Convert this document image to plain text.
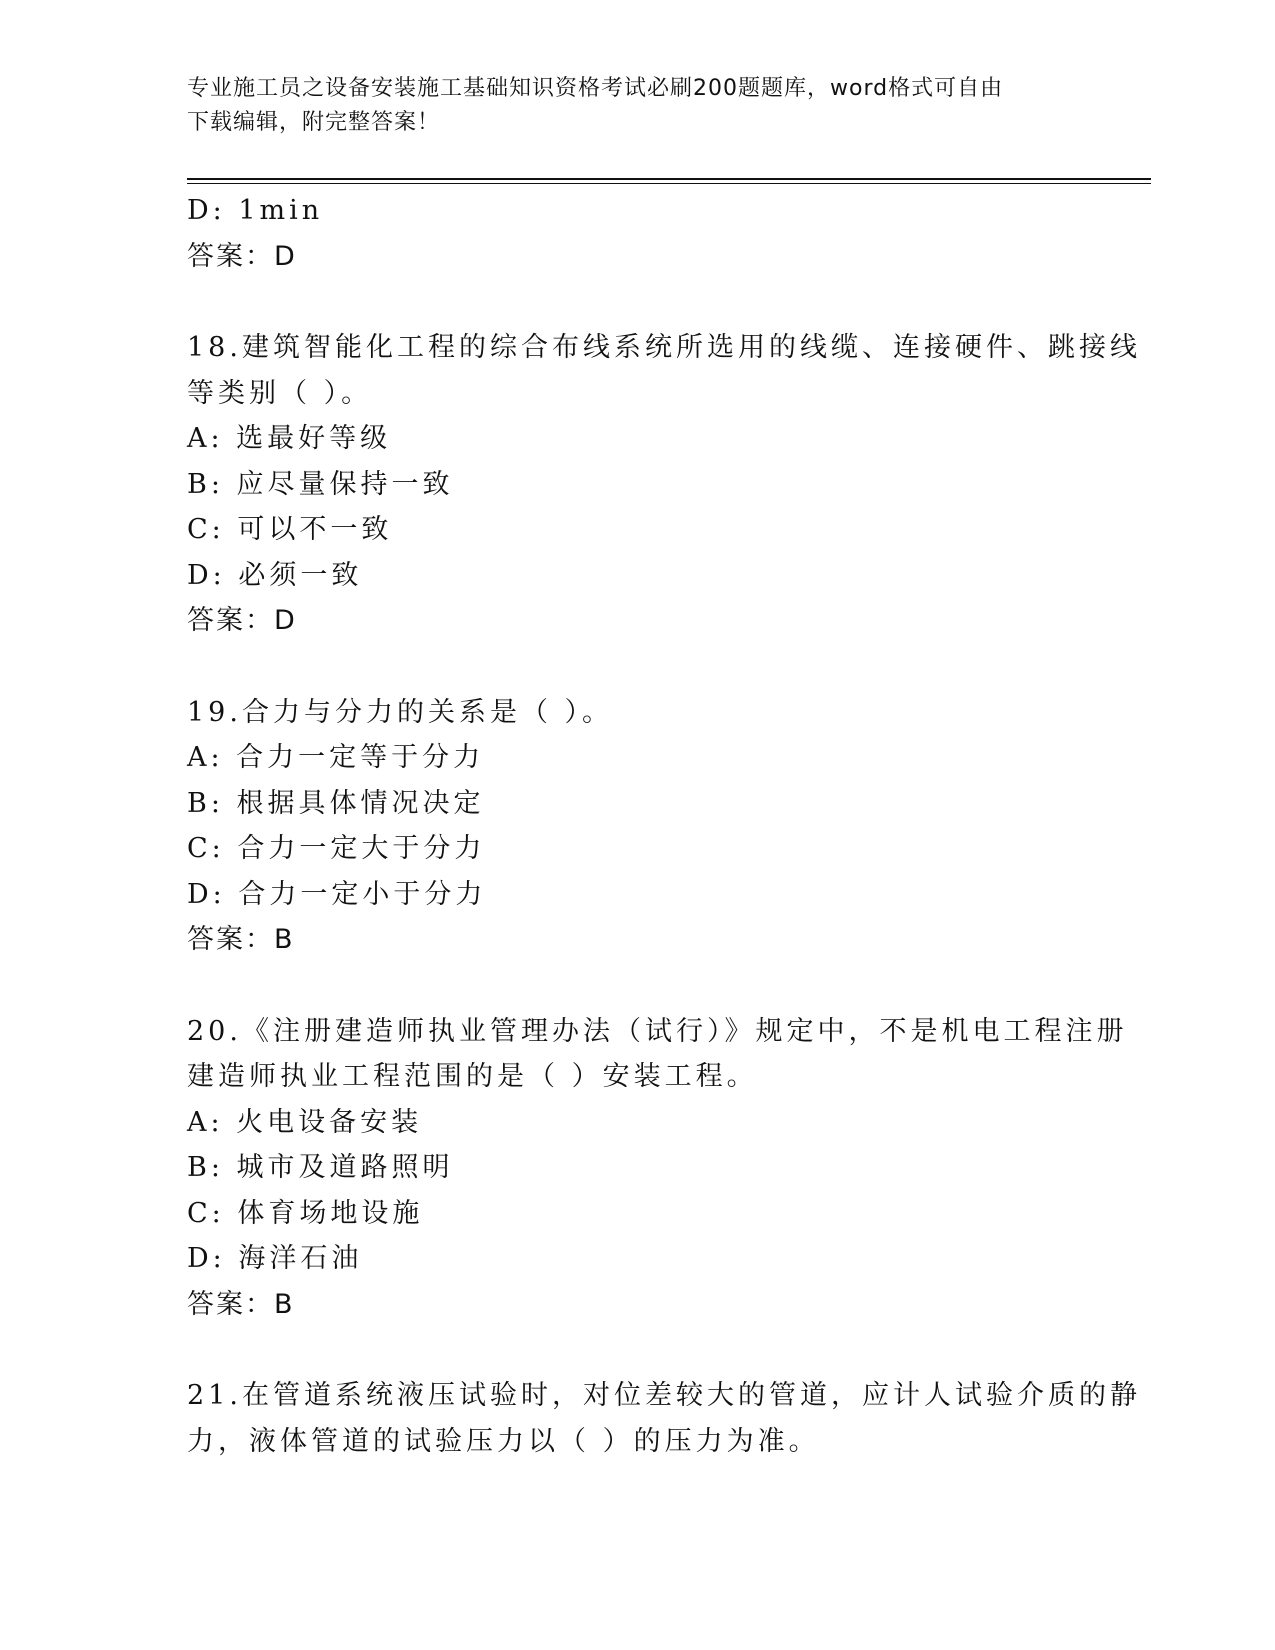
专业施工员之设备安装施工基础知识资格考试必刷200题题库，word格式可自由
下载编辑，附完整答案！
D: 1min
答案：D
18.建筑智能化工程的综合布线系统所选用的线缆、连接硬件、跳接线
等类别（ ）。
A: 选最好等级
B: 应尽量保持一致
C: 可以不一致
D: 必须一致
答案：D
19.合力与分力的关系是（ ）。
A: 合力一定等于分力
B: 根据具体情况决定
C: 合力一定大于分力
D: 合力一定小于分力
答案：B
20.《注册建造师执业管理办法（试行）》规定中，不是机电工程注册
建造师执业工程范围的是（ ）安装工程。
A: 火电设备安装
B: 城市及道路照明
C: 体育场地设施
D: 海洋石油
答案：B
21.在管道系统液压试验时，对位差较大的管道，应计人试验介质的静
力，液体管道的试验压力以（ ）的压力为准。
